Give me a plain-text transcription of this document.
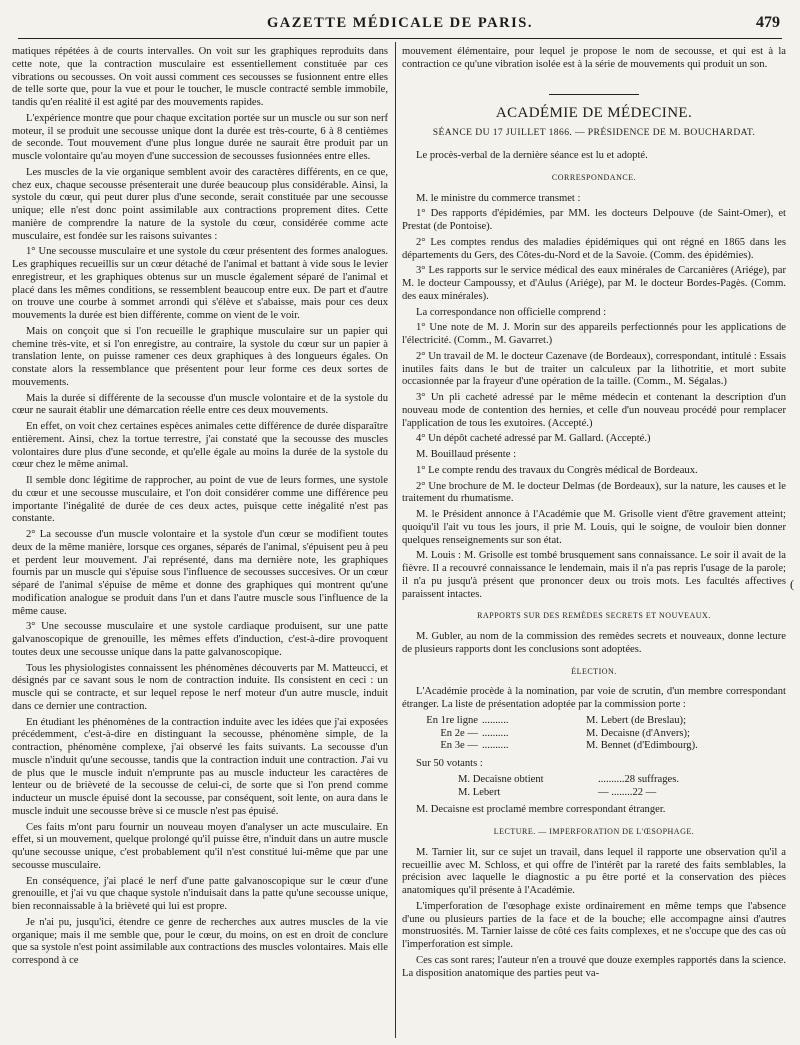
GAZETTE MÉDICALE DE PARIS.	479

matiques répétées à de courts intervalles. On voit sur les graphiques reproduits dans cette note, que la contraction musculaire est essentiellement constituée par ces vibrations ou secousses. On voit aussi comment ces secousses se fusionnent entre elles de telle sorte que, pour la vue et pour le toucher, le muscle contracté semble immobile, tandis qu'en réalité il est agité par des mouvements rapides.

L'expérience montre que pour chaque excitation portée sur un muscle ou sur son nerf moteur, il se produit une secousse unique dont la durée est très-courte, 6 à 8 centièmes de seconde. Tout mouvement d'une plus longue durée ne saurait être produit par un muscle volontaire qu'au moyen d'une succession de secousses fusionnées entre elles.

Les muscles de la vie organique semblent avoir des caractères différents, en ce que, chez eux, chaque secousse présenterait une durée beaucoup plus considérable. Ainsi, la systole du cœur, qui peut durer plus d'une seconde, serait constituée par une secousse unique; elle n'est donc point assimilable aux contractions proprement dites. Cette manière de comprendre la nature de la systole du cœur, considérée comme acte musculaire, est fondée sur les raisons suivantes :

1° Une secousse musculaire et une systole du cœur présentent des formes analogues. Les graphiques recueillis sur un cœur détaché de l'animal et battant à vide sous le levier enregistreur, et les graphiques obtenus sur un muscle également séparé de l'animal et placé dans les mêmes conditions, se ressemblent beaucoup entre eux. De part et d'autre on trouve une courbe à sommet arrondi qui s'élève et s'abaisse, mais pour ces deux mouvements la durée est bien différente, comme on vient de le voir.

Mais on conçoit que si l'on recueille le graphique musculaire sur un papier qui chemine très-vite, et si l'on enregistre, au contraire, la systole du cœur sur un papier à translation lente, on puisse ramener ces deux graphiques à des longueurs égales. On constate alors la ressemblance que présentent pour leur forme ces deux sortes de mouvements.

Mais la durée si différente de la secousse d'un muscle volontaire et de la systole du cœur ne saurait établir une démarcation réelle entre ces deux mouvements.

En effet, on voit chez certaines espèces animales cette différence de durée disparaître entièrement. Ainsi, chez la tortue terrestre, j'ai constaté que la secousse des muscles volontaires dure plus d'une seconde, et qu'elle égale au moins la durée de la systole du cœur chez le même animal.

Il semble donc légitime de rapprocher, au point de vue de leurs formes, une systole du cœur et une secousse musculaire, et l'on doit considérer comme une différence peu importante l'inégalité de durée de ces deux actes, puisque cette inégalité n'est pas constante.

2° La secousse d'un muscle volontaire et la systole d'un cœur se modifient toutes deux de la même manière, lorsque ces organes, séparés de l'animal, s'épuisent peu à peu et perdent leur mouvement. J'ai représenté, dans ma dernière note, les graphiques fournis par un muscle qui s'épuise sous l'influence de secousses succesives. Or un cœur séparé de l'animal s'épuise de même et donne des graphiques qui montrent qu'une modification analogue se produit dans l'un et dans l'autre muscle sous l'influence de la même cause.

3° Une secousse musculaire et une systole cardiaque produisent, sur une patte galvanoscopique de grenouille, les mêmes effets d'induction, c'est-à-dire provoquent toutes deux une secousse unique dans la patte galvanoscopique.

Tous les physiologistes connaissent les phénomènes découverts par M. Matteucci, et désignés par ce savant sous le nom de contraction induite. Ils consistent en ceci : un muscle qui se contracte, et sur lequel repose le nerf moteur d'un autre muscle, induit dans ce dernier une contraction.

En étudiant les phénomènes de la contraction induite avec les idées que j'ai exposées précédemment, c'est-à-dire en distinguant la secousse, phénomène simple, de la contraction, phénomène complexe, j'ai observé les faits suivants. La secousse d'un muscle n'induit qu'une secousse, tandis que la contraction induit une contraction. J'ai vu de plus que le muscle induit n'emprunte pas au muscle inducteur les caractères de lenteur ou de brièveté de la secousse de celui-ci, de sorte que si l'on prend comme inducteur un muscle épuisé dont la secousse, par conséquent, soit lente, on aura dans le muscle induit une secousse brève si ce muscle n'est pas épuisé.

Ces faits m'ont paru fournir un nouveau moyen d'analyser un acte musculaire. En effet, si un mouvement, quelque prolongé qu'il puisse être, n'induit dans un autre muscle qu'une secousse unique, c'est probablement qu'il n'est constitué lui-même que par une secousse musculaire.

En conséquence, j'ai placé le nerf d'une patte galvanoscopique sur le cœur d'une grenouille, et j'ai vu que chaque systole n'induisait dans la patte qu'une secousse unique, bien reconnaissable à la brièveté qui lui est propre.

Je n'ai pu, jusqu'ici, étendre ce genre de recherches aux autres muscles de la vie organique; mais il me semble que, pour le cœur, du moins, on est en droit de conclure que sa systole n'est point assimilable aux contractions des muscles volontaires. Mais elle correspond à ce

mouvement élémentaire, pour lequel je propose le nom de secousse, et qui est à la contraction ce qu'une vibration isolée est à la série de mouvements qui produit un son.

ACADÉMIE DE MÉDECINE.
SÉANCE DU 17 JUILLET 1866. — PRÉSIDENCE DE M. BOUCHARDAT.

Le procès-verbal de la dernière séance est lu et adopté.

CORRESPONDANCE.

M. le ministre du commerce transmet :

1° Des rapports d'épidémies, par MM. les docteurs Delpouve (de Saint-Omer), et Prestat (de Pontoise).

2° Les comptes rendus des maladies épidémiques qui ont régné en 1865 dans les départements du Gers, des Côtes-du-Nord et de la Savoie. (Comm. des épidémies).

3° Les rapports sur le service médical des eaux minérales de Carcanières (Ariége), par M. le docteur Campoussy, et d'Aulus (Ariége), par M. le docteur Bordes-Pagès. (Comm. des eaux minérales).

La correspondance non officielle comprend :

1° Une note de M. J. Morin sur des appareils perfectionnés pour les applications de l'électricité. (Comm., M. Gavarret.)

2° Un travail de M. le docteur Cazenave (de Bordeaux), correspondant, intitulé : Essais inutiles faits dans le but de traiter un calculeux par la lithotritie, et mort subite occasionnée par la frayeur d'une opération de la taille. (Comm., M. Ségalas.)

3° Un pli cacheté adressé par le même médecin et contenant la description d'un nouveau mode de contention des hernies, et celle d'un nouveau procédé pour remplacer l'application de tous les exutoires. (Accepté.)

4° Un dépôt cacheté adressé par M. Gallard. (Accepté.)

M. Bouillaud présente :

1° Le compte rendu des travaux du Congrès médical de Bordeaux.

2° Une brochure de M. le docteur Delmas (de Bordeaux), sur la nature, les causes et le traitement du rhumatisme.

M. le Président annonce à l'Académie que M. Grisolle vient d'être gravement atteint; quoiqu'il l'ait vu tous les jours, il prie M. Louis, qui le soigne, de vouloir bien donner quelques renseignements sur son état.

M. Louis : M. Grisolle est tombé brusquement sans connaissance. Le soir il avait de la fièvre. Il a recouvré connaissance le lendemain, mais il n'a pas repris l'usage de la parole; il n'a pu jusqu'à présent que prononcer deux ou trois mots. Les facultés affectives paraissent intactes.

RAPPORTS SUR DES REMÈDES SECRETS ET NOUVEAUX.

M. Gubler, au nom de la commission des remèdes secrets et nouveaux, donne lecture de plusieurs rapports dont les conclusions sont adoptées.

ÉLECTION.

L'Académie procède à la nomination, par voie de scrutin, d'un membre correspondant étranger. La liste de présentation adoptée par la commission porte :

En 1re ligne ..........	M. Lebert (de Breslau);
En 2e — ..........	M. Decaisne (d'Anvers);
En 3e — ..........	M. Bennet (d'Edimbourg).

Sur 50 votants :

M. Decaisne obtient	.......... 28 suffrages.
M. Lebert	— ........ 22 —

M. Decaisne est proclamé membre correspondant étranger.

LECTURE. — IMPERFORATION DE L'ŒSOPHAGE.

M. Tarnier lit, sur ce sujet un travail, dans lequel il rapporte une observation qu'il a recueillie avec M. Schloss, et qui offre de l'intérêt par la rareté des faits semblables, la précision avec laquelle le diagnostic a pu être porté et la conservation des pièces anatomiques qu'il présente à l'Académie.

L'imperforation de l'œsophage existe ordinairement en même temps que l'absence d'une ou plusieurs parties de la face et de la bouche; elle accompagne ainsi d'autres monstruosités. M. Tarnier laisse de côté ces faits complexes, et ne s'occupe que des cas où l'imperforation est simple.

Ces cas sont rares; l'auteur n'en a trouvé que douze exemples rapportés dans la science. La disposition anatomique des parties peut va-

(
